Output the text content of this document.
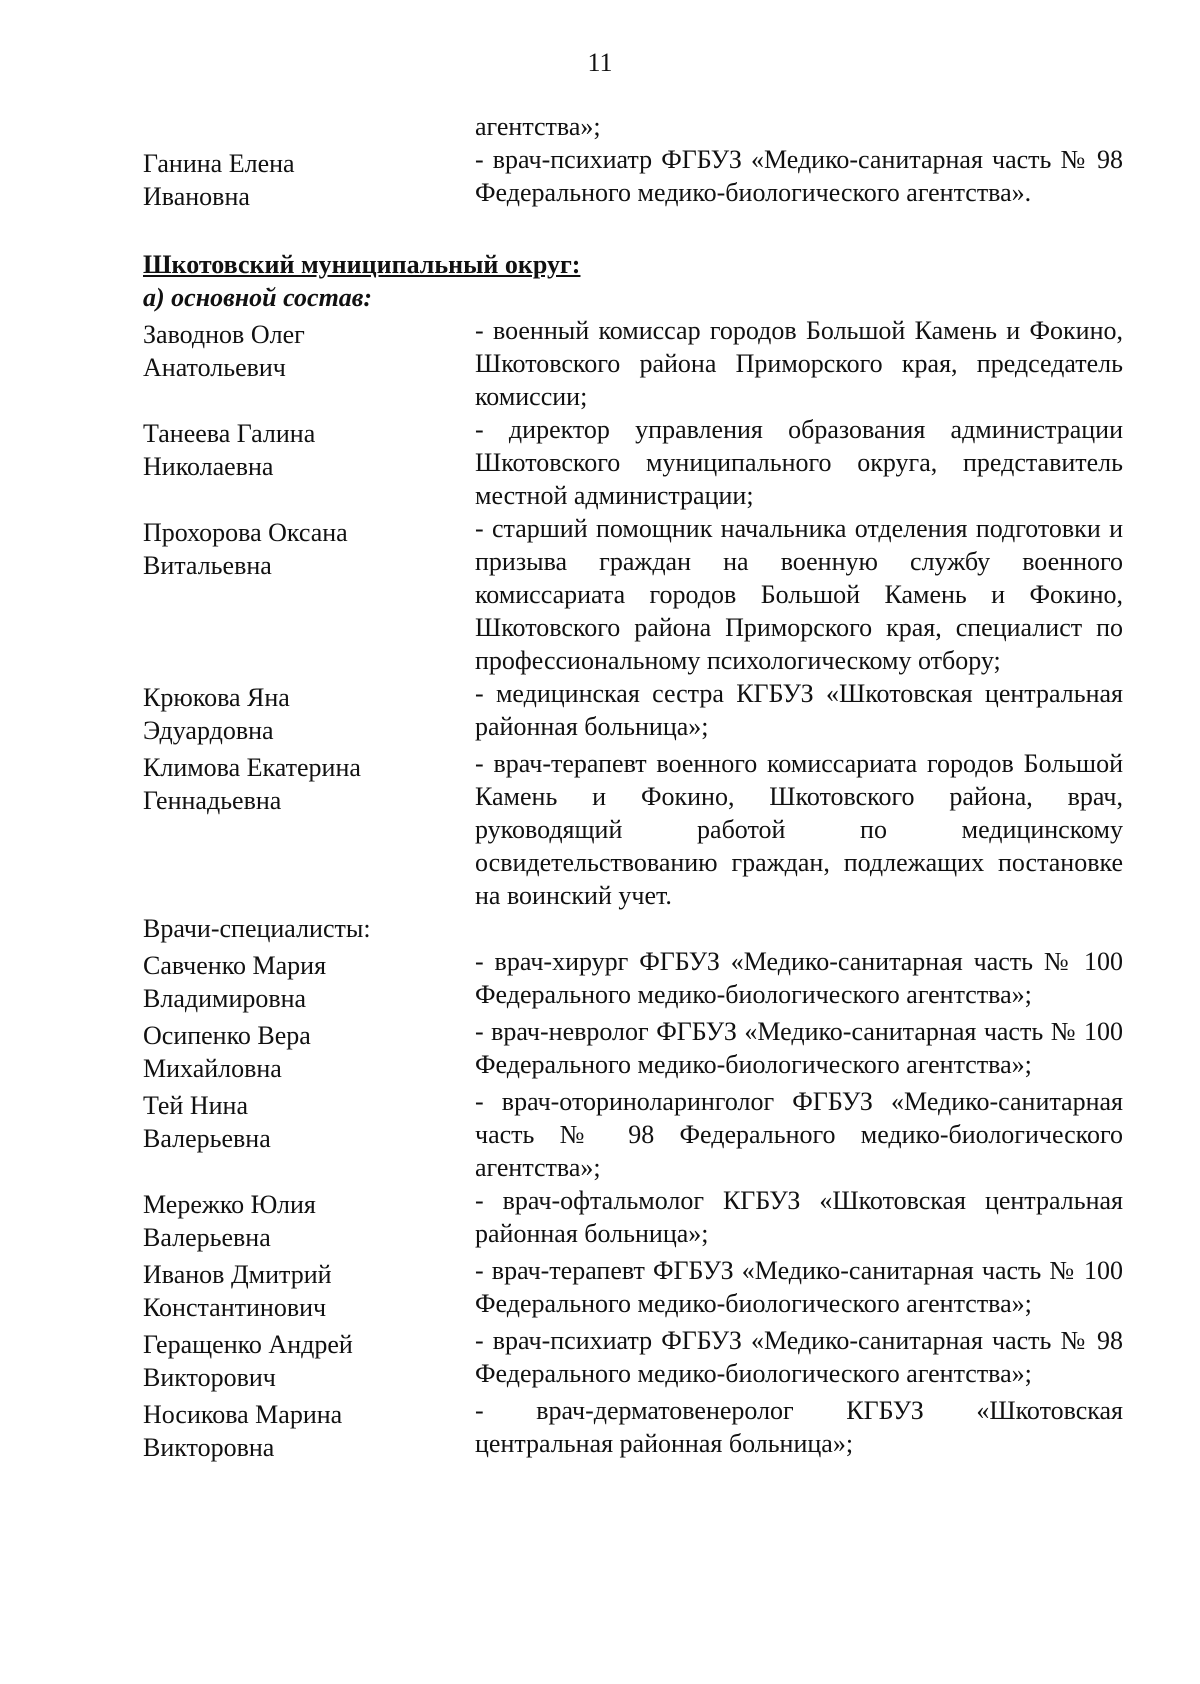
11
агентства»;
Ганина Елена
Ивановна
- врач-психиатр ФГБУЗ «Медико-санитарная часть № 98 Федерального медико-биологического агентства».
Шкотовский муниципальный округ:
а) основной состав:
Заводнов Олег
Анатольевич
- военный комиссар городов Большой Камень и Фокино, Шкотовского района Приморского края, председатель комиссии;
Танеева Галина
Николаевна
- директор управления образования администрации Шкотовского муниципального округа, представитель местной администрации;
Прохорова Оксана
Витальевна
- старший помощник начальника отделения подготовки и призыва граждан на военную службу военного комиссариата городов Большой Камень и Фокино, Шкотовского района Приморского края, специалист по профессиональному психологическому отбору;
Крюкова Яна
Эдуардовна
- медицинская сестра КГБУЗ «Шкотовская центральная районная больница»;
Климова Екатерина
Геннадьевна
- врач-терапевт военного комиссариата городов Большой Камень и Фокино, Шкотовского района, врач, руководящий работой по медицинскому освидетельствованию граждан, подлежащих постановке на воинский учет.
Врачи-специалисты:
Савченко Мария
Владимировна
- врач-хирург ФГБУЗ «Медико-санитарная часть № 100 Федерального медико-биологического агентства»;
Осипенко Вера
Михайловна
- врач-невролог ФГБУЗ «Медико-санитарная часть № 100 Федерального медико-биологического агентства»;
Тей Нина
Валерьевна
- врач-оториноларинголог ФГБУЗ «Медико-санитарная часть № 98 Федерального медико-биологического агентства»;
Мережко Юлия
Валерьевна
- врач-офтальмолог КГБУЗ «Шкотовская центральная районная больница»;
Иванов Дмитрий
Константинович
- врач-терапевт ФГБУЗ «Медико-санитарная часть № 100 Федерального медико-биологического агентства»;
Геращенко Андрей
Викторович
- врач-психиатр ФГБУЗ «Медико-санитарная часть № 98 Федерального медико-биологического агентства»;
Носикова Марина
Викторовна
- врач-дерматовенеролог КГБУЗ «Шкотовская центральная районная больница»;
